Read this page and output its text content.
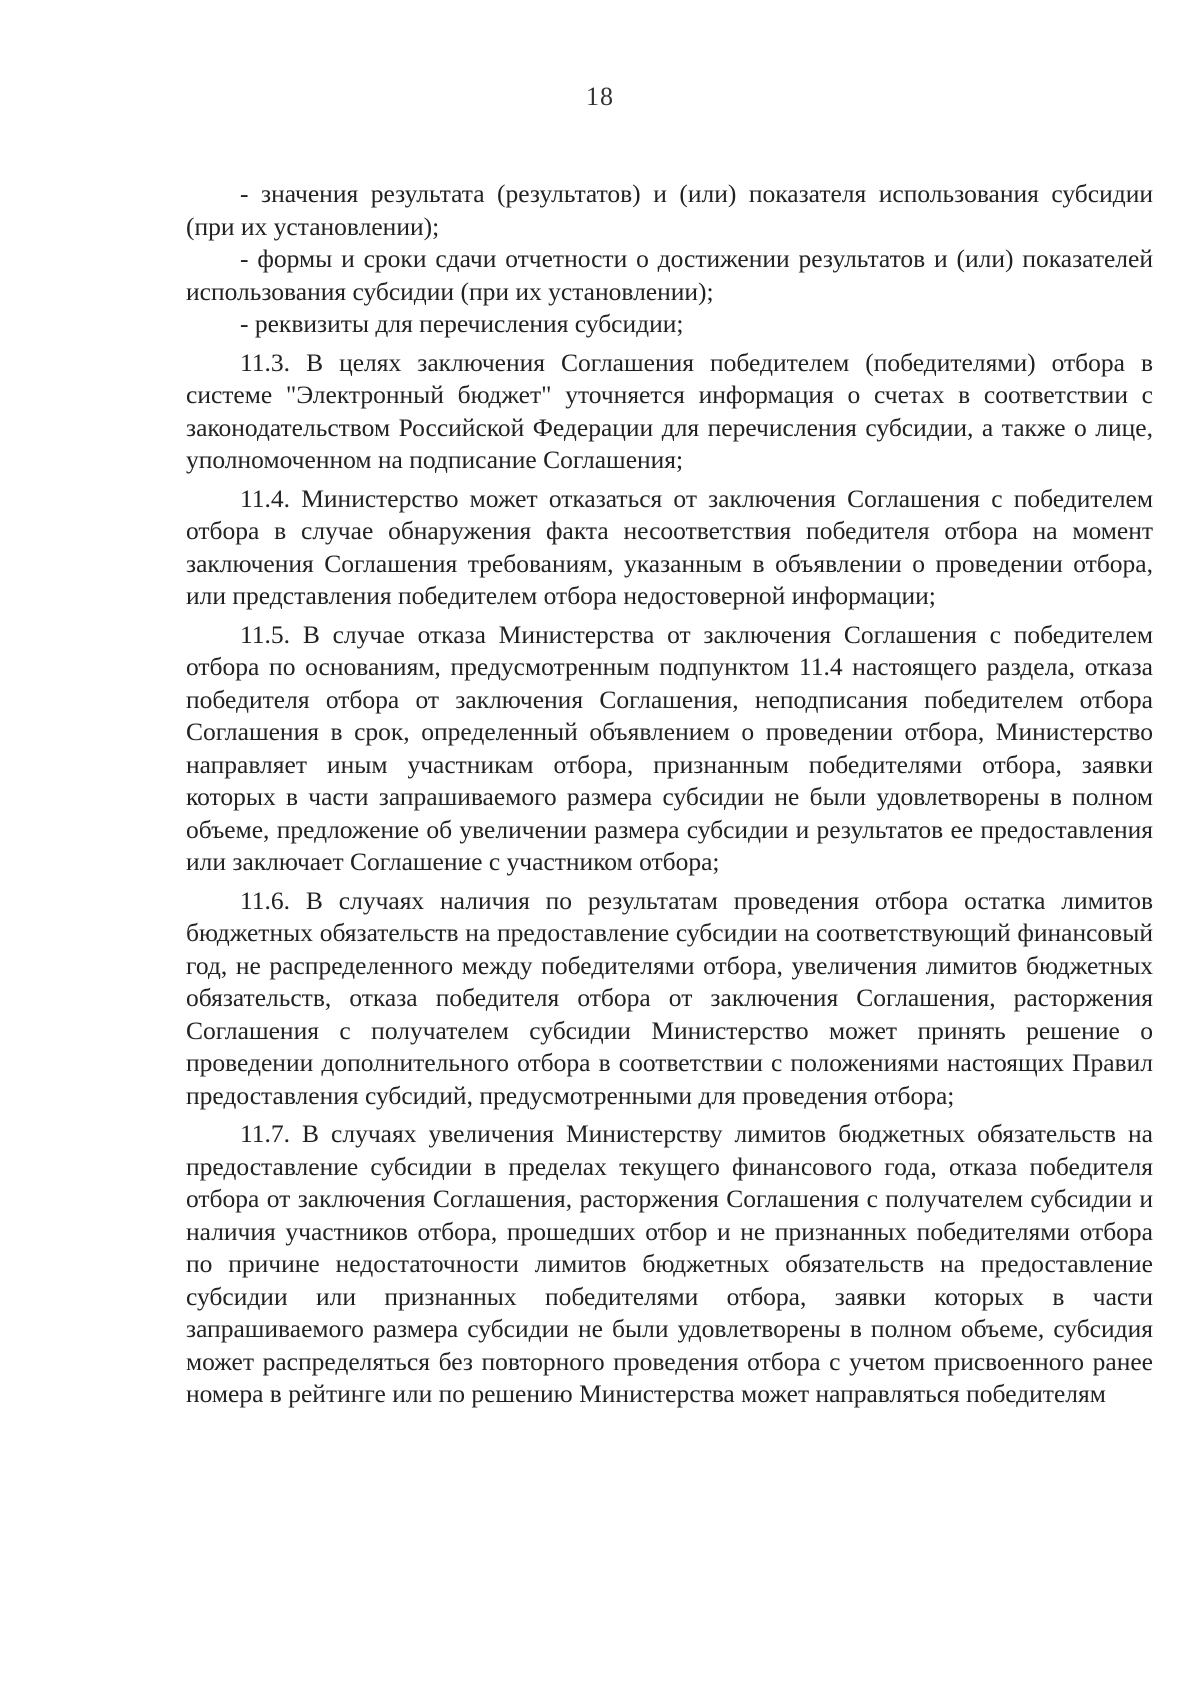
18

- значения результата (результатов) и (или) показателя использования субсидии (при их установлении);

- формы и сроки сдачи отчетности о достижении результатов и (или) показателей использования субсидии (при их установлении);

- реквизиты для перечисления субсидии;

11.3. В целях заключения Соглашения победителем (победителями) отбора в системе "Электронный бюджет" уточняется информация о счетах в соответствии с законодательством Российской Федерации для перечисления субсидии, а также о лице, уполномоченном на подписание Соглашения;

11.4. Министерство может отказаться от заключения Соглашения с победителем отбора в случае обнаружения факта несоответствия победителя отбора на момент заключения Соглашения требованиям, указанным в объявлении о проведении отбора, или представления победителем отбора недостоверной информации;

11.5. В случае отказа Министерства от заключения Соглашения с победителем отбора по основаниям, предусмотренным подпунктом 11.4 настоящего раздела, отказа победителя отбора от заключения Соглашения, неподписания победителем отбора Соглашения в срок, определенный объявлением о проведении отбора, Министерство направляет иным участникам отбора, признанным победителями отбора, заявки которых в части запрашиваемого размера субсидии не были удовлетворены в полном объеме, предложение об увеличении размера субсидии и результатов ее предоставления или заключает Соглашение с участником отбора;

11.6. В случаях наличия по результатам проведения отбора остатка лимитов бюджетных обязательств на предоставление субсидии на соответствующий финансовый год, не распределенного между победителями отбора, увеличения лимитов бюджетных обязательств, отказа победителя отбора от заключения Соглашения, расторжения Соглашения с получателем субсидии Министерство может принять решение о проведении дополнительного отбора в соответствии с положениями настоящих Правил предоставления субсидий, предусмотренными для проведения отбора;

11.7. В случаях увеличения Министерству лимитов бюджетных обязательств на предоставление субсидии в пределах текущего финансового года, отказа победителя отбора от заключения Соглашения, расторжения Соглашения с получателем субсидии и наличия участников отбора, прошедших отбор и не признанных победителями отбора по причине недостаточности лимитов бюджетных обязательств на предоставление субсидии или признанных победителями отбора, заявки которых в части запрашиваемого размера субсидии не были удовлетворены в полном объеме, субсидия может распределяться без повторного проведения отбора с учетом присвоенного ранее номера в рейтинге или по решению Министерства может направляться победителям
